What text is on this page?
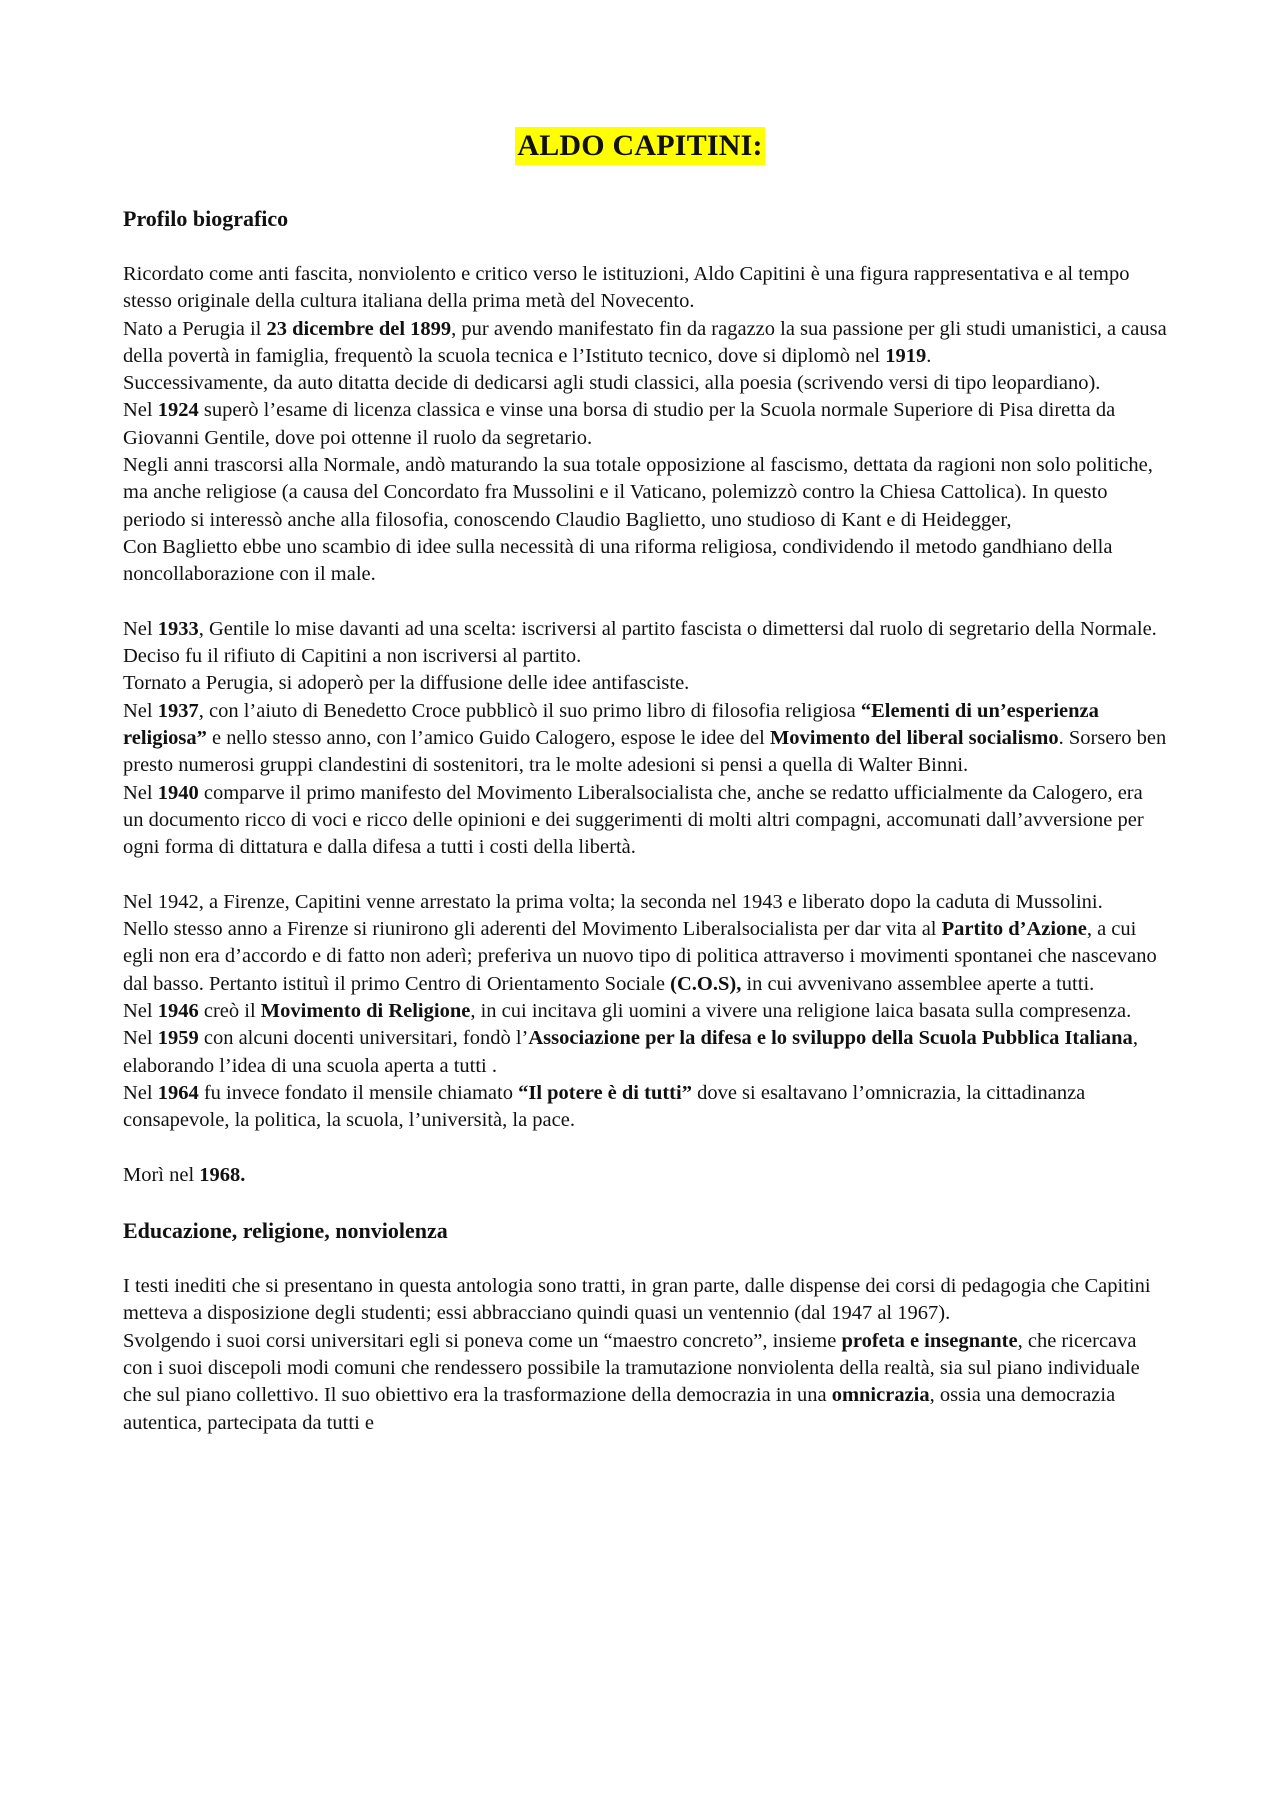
ALDO CAPITINI:

Profilo biografico

Ricordato come anti fascita, nonviolento e critico verso le istituzioni, Aldo Capitini è una figura rappresentativa e al tempo stesso originale della cultura italiana della prima metà del Novecento.

Nato a Perugia il 23 dicembre del 1899, pur avendo manifestato fin da ragazzo la sua passione per gli studi umanistici, a causa della povertà in famiglia, frequentò la scuola tecnica e l’Istituto tecnico, dove si diplomò nel 1919.

Successivamente, da auto ditatta decide di dedicarsi agli studi classici, alla poesia (scrivendo versi di tipo leopardiano).

Nel 1924 superò l’esame di licenza classica e vinse una borsa di studio per la Scuola normale Superiore di Pisa diretta da Giovanni Gentile, dove poi ottenne il ruolo da segretario.

Negli anni trascorsi alla Normale, andò maturando la sua totale opposizione al fascismo, dettata da ragioni non solo politiche, ma anche religiose (a causa del Concordato fra Mussolini e il Vaticano, polemizzò contro la Chiesa Cattolica). In questo periodo si interessò anche alla filosofia, conoscendo Claudio Baglietto, uno studioso di Kant e di Heidegger,

Con Baglietto ebbe uno scambio di idee sulla necessità di una riforma religiosa, condividendo il metodo gandhiano della noncollaborazione con il male.

Nel 1933, Gentile lo mise davanti ad una scelta: iscriversi al partito fascista o dimettersi dal ruolo di segretario della Normale. Deciso fu il rifiuto di Capitini a non iscriversi al partito.

Tornato a Perugia, si adoperò per la diffusione delle idee antifasciste.

Nel 1937, con l’aiuto di Benedetto Croce pubblicò il suo primo libro di filosofia religiosa “Elementi di un’esperienza religiosa” e nello stesso anno, con l’amico Guido Calogero, espose le idee del Movimento del liberal socialismo. Sorsero ben presto numerosi gruppi clandestini di sostenitori, tra le molte adesioni si pensi a quella di Walter Binni.

Nel 1940 comparve il primo manifesto del Movimento Liberalsocialista che, anche se redatto ufficialmente da Calogero, era un documento ricco di voci e ricco delle opinioni e dei suggerimenti di molti altri compagni, accomunati dall’avversione per ogni forma di dittatura e dalla difesa a tutti i costi della libertà.

Nel 1942, a Firenze, Capitini venne arrestato la prima volta; la seconda nel 1943 e liberato dopo la caduta di Mussolini.

Nello stesso anno a Firenze si riunirono gli aderenti del Movimento Liberalsocialista per dar vita al Partito d’Azione, a cui egli non era d’accordo e di fatto non aderì; preferiva un nuovo tipo di politica attraverso i movimenti spontanei che nascevano dal basso. Pertanto istituì il primo Centro di Orientamento Sociale (C.O.S), in cui avvenivano assemblee aperte a tutti.

Nel 1946 creò il Movimento di Religione, in cui incitava gli uomini a vivere una religione laica basata sulla compresenza.

Nel 1959 con alcuni docenti universitari, fondò l’Associazione per la difesa e lo sviluppo della Scuola Pubblica Italiana, elaborando l’idea di una scuola aperta a tutti .

Nel 1964 fu invece fondato il mensile chiamato “Il potere è di tutti” dove si esaltavano l’omnicrazia, la cittadinanza consapevole, la politica, la scuola, l’università, la pace.

Morì nel 1968.

Educazione, religione, nonviolenza

I testi inediti che si presentano in questa antologia sono tratti, in gran parte, dalle dispense dei corsi di pedagogia che Capitini metteva a disposizione degli studenti; essi abbracciano quindi quasi un ventennio (dal 1947 al 1967).

Svolgendo i suoi corsi universitari egli si poneva come un “maestro concreto”, insieme profeta e insegnante, che ricercava con i suoi discepoli modi comuni che rendessero possibile la tramutazione nonviolenta della realtà, sia sul piano individuale che sul piano collettivo. Il suo obiettivo era la trasformazione della democrazia in una omnicrazia, ossia una democrazia autentica, partecipata da tutti e
